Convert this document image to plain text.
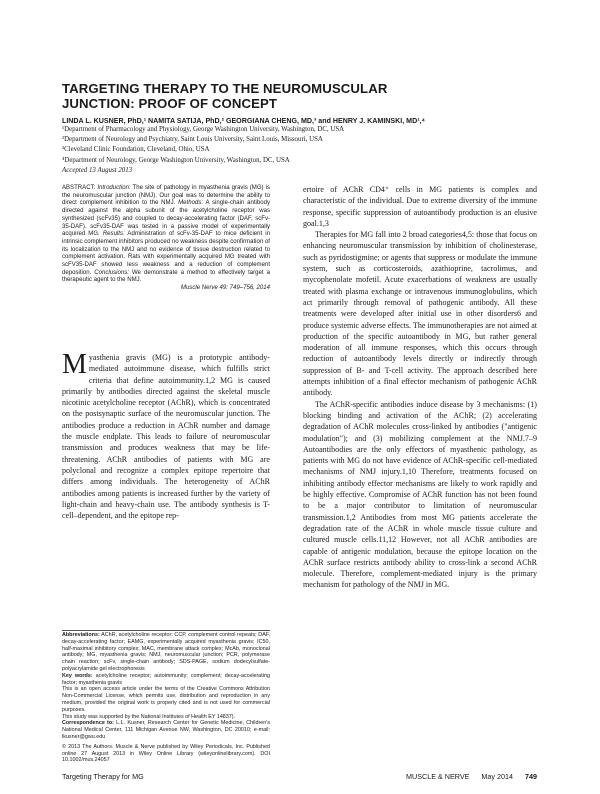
TARGETING THERAPY TO THE NEUROMUSCULAR
JUNCTION: PROOF OF CONCEPT
LINDA L. KUSNER, PhD,¹ NAMITA SATIJA, PhD,² GEORGIANA CHENG, MD,³ and HENRY J. KAMINSKI, MD¹,⁴
¹Department of Pharmacology and Physiology, George Washington University, Washington, DC, USA
²Department of Neurology and Psychiatry, Saint Louis University, Saint Louis, Missouri, USA
³Cleveland Clinic Foundation, Cleveland, Ohio, USA
⁴Department of Neurology, George Washington University, Washington, DC, USA
Accepted 13 August 2013
ABSTRACT: Introduction: The site of pathology in myasthenia gravis (MG) is the neuromuscular junction (NMJ). Our goal was to determine the ability to direct complement inhibition to the NMJ. Methods: A single-chain antibody directed against the alpha subunit of the acetylcholine receptor was synthesized (scFv35) and coupled to decay-accelerating factor (DAF, scFv-35-DAF). scFv35-DAF was tested in a passive model of experimentally acquired MG. Results: Administration of scFv-35-DAF to mice deficient in intrinsic complement inhibitors produced no weakness despite confirmation of its localization to the NMJ and no evidence of tissue destruction related to complement activation. Rats with experimentally acquired MG treated with scFV35-DAF showed less weakness and a reduction of complement deposition. Conclusions: We demonstrate a method to effectively target a therapeutic agent to the NMJ.
Muscle Nerve 49: 749–756, 2014
Myasthenia gravis (MG) is a prototypic antibody-mediated autoimmune disease, which fulfills strict criteria that define autoimmunity.1,2 MG is caused primarily by antibodies directed against the skeletal muscle nicotinic acetylcholine receptor (AChR), which is concentrated on the postsynaptic surface of the neuromuscular junction. The antibodies produce a reduction in AChR number and damage the muscle endplate. This leads to failure of neuromuscular transmission and produces weakness that may be life-threatening. AChR antibodies of patients with MG are polyclonal and recognize a complex epitope repertoire that differs among individuals. The heterogeneity of AChR antibodies among patients is increased further by the variety of light-chain and heavy-chain use. The antibody synthesis is T-cell–dependent, and the epitope rep-

Abbreviations: AChR, acetylcholine receptor; CCP, complement control repeats; DAF, decay-accelerating factor; EAMG, experimentally acquired myasthenia gravis; IC50, half-maximal inhibitory complex; MAC, membrane attack complex; McAb, monoclonal antibody; MG, myasthenia gravis; NMJ, neuromuscular junction; PCR, polymerase chain reaction; scFv, single-chain antibody; SDS-PAGE, sodium dodecylsulfate-polyacrylamide gel electrophoresis

Key words: acetylcholine receptor; autoimmunity; complement; decay-accelerating factor; myasthenia gravis

This is an open access article under the terms of the Creative Commons Attribution Non-Commercial License, which permits use, distribution and reproduction in any medium, provided the original work is properly cited and is not used for commercial purposes.

This study was supported by the National Institutes of Health EY 14837).

Correspondence to: L.L. Kusner, Research Center for Genetic Medicine, Children's National Medical Center, 111 Michigan Avenue NW, Washington, DC 20010; e-mail: lkusner@gwu.edu

© 2013 The Authors. Muscle & Nerve published by Wiley Periodicals, Inc. Published online 27 August 2013 in Wiley Online Library (wileyonlinelibrary.com). DOI 10.1002/mus.24057

ertoire of AChR CD4⁺ cells in MG patients is complex and characteristic of the individual. Due to extreme diversity of the immune response, specific suppression of autoantibody production is an elusive goal.1,3

Therapies for MG fall into 2 broad categories4,5: those that focus on enhancing neuromuscular transmission by inhibition of cholinesterase, such as pyridostigmine; or agents that suppress or modulate the immune system, such as corticosteroids, azathioprine, tacrolimus, and mycophenolate mofetil. Acute exacerbations of weakness are usually treated with plasma exchange or intravenous immunoglobulins, which act primarily through removal of pathogenic antibody. All these treatments were developed after initial use in other disorders6 and produce systemic adverse effects. The immunotherapies are not aimed at production of the specific autoantibody in MG, but rather general moderation of all immune responses, which this occurs through reduction of autoantibody levels directly or indirectly through suppression of B- and T-cell activity. The approach described here attempts inhibition of a final effector mechanism of pathogenic AChR antibody.

The AChR-specific antibodies induce disease by 3 mechanisms: (1) blocking binding and activation of the AChR; (2) accelerating degradation of AChR molecules cross-linked by antibodies ("antigenic modulation"); and (3) mobilizing complement at the NMJ.7–9 Autoantibodies are the only effectors of myasthenic pathology, as patients with MG do not have evidence of AChR-specific cell-mediated mechanisms of NMJ injury.1,10 Therefore, treatments focused on inhibiting antibody effector mechanisms are likely to work rapidly and be highly effective. Compromise of AChR function has not been found to be a major contributor to limitation of neuromuscular transmission.1,2 Antibodies from most MG patients accelerate the degradation rate of the AChR in whole muscle tissue culture and cultured muscle cells.11,12 However, not all AChR antibodies are capable of antigenic modulation, because the epitope location on the AChR surface restricts antibody ability to cross-link a second AChR molecule. Therefore, complement-mediated injury is the primary mechanism for pathology of the NMJ in MG.

Targeting Therapy for MG	MUSCLE & NERVE May 2014 749
